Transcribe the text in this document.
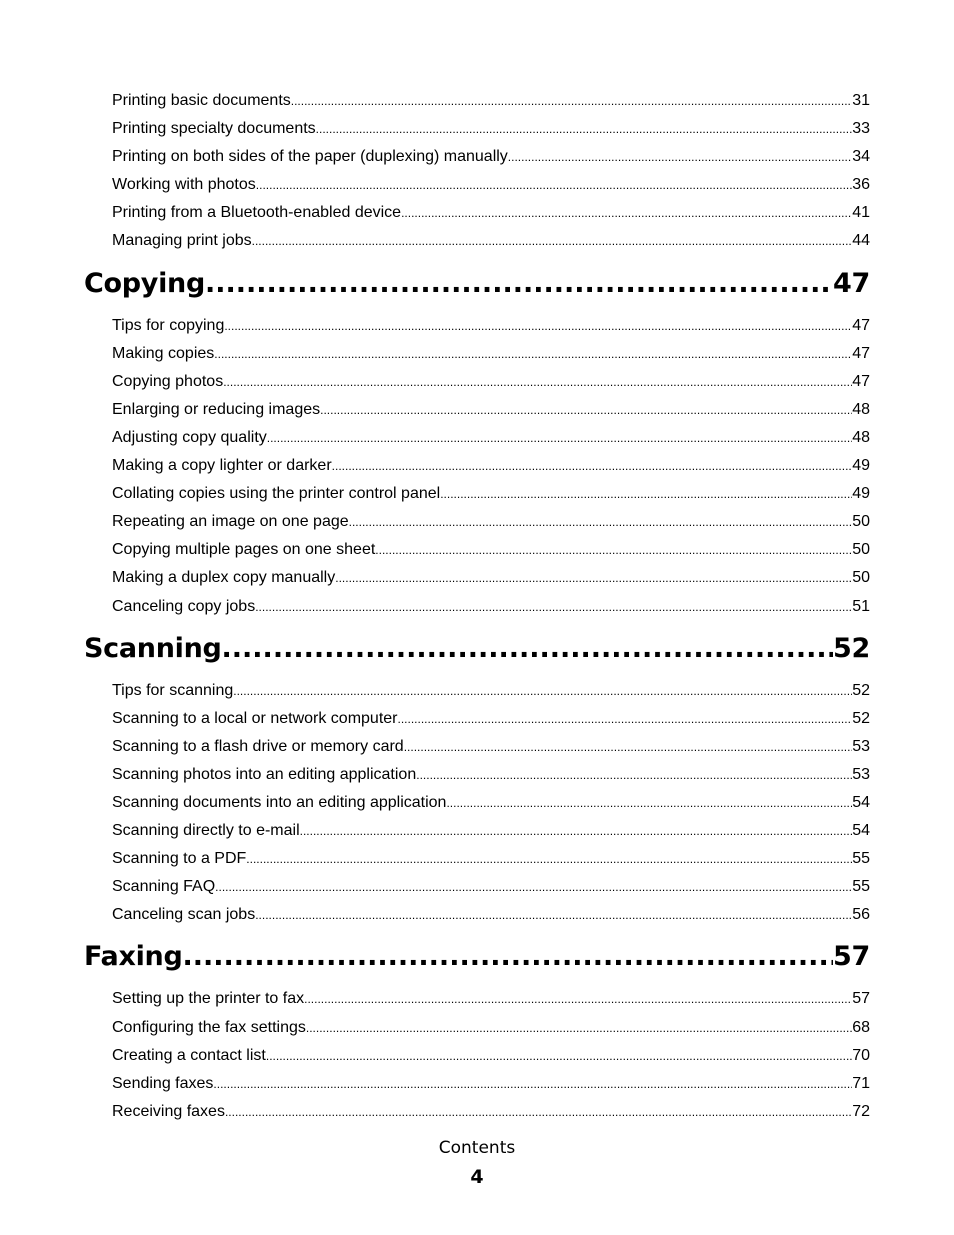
Printing basic documents .....	31
Printing specialty documents .....	33
Printing on both sides of the paper (duplexing) manually .....	34
Working with photos .....	36
Printing from a Bluetooth-enabled device .....	41
Managing print jobs .....	44
Copying .....	47
Tips for copying .....	47
Making copies .....	47
Copying photos .....	47
Enlarging or reducing images .....	48
Adjusting copy quality .....	48
Making a copy lighter or darker .....	49
Collating copies using the printer control panel .....	49
Repeating an image on one page .....	50
Copying multiple pages on one sheet .....	50
Making a duplex copy manually .....	50
Canceling copy jobs .....	51
Scanning .....	52
Tips for scanning .....	52
Scanning to a local or network computer .....	52
Scanning to a flash drive or memory card .....	53
Scanning photos into an editing application .....	53
Scanning documents into an editing application .....	54
Scanning directly to e-mail .....	54
Scanning to a PDF .....	55
Scanning FAQ .....	55
Canceling scan jobs .....	56
Faxing .....	57
Setting up the printer to fax .....	57
Configuring the fax settings .....	68
Creating a contact list .....	70
Sending faxes .....	71
Receiving faxes .....	72
Contents
4
